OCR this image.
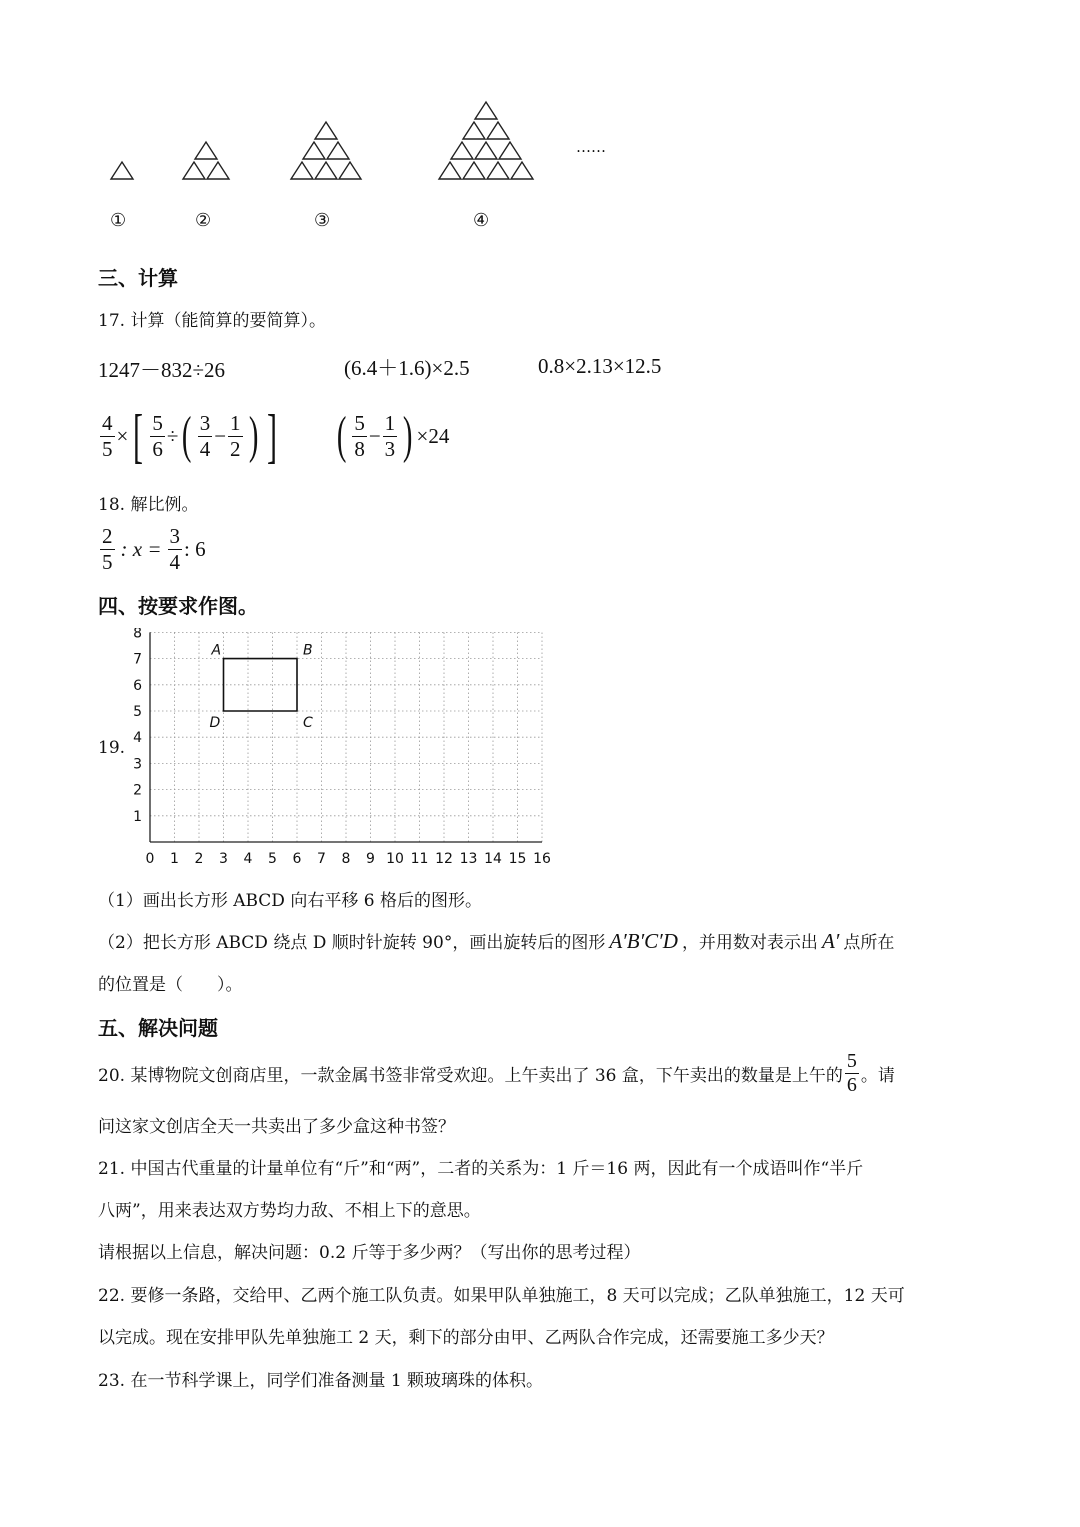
①	②	③	④
……
三、计算
17. 计算（能简算的要简算）。
1247－832÷26	(6.4＋1.6)×2.5	0.8×2.13×12.5
$\frac{4}{5}$ × [ $\frac{5}{6}$ ÷ ( $\frac{3}{4} - \frac{1}{2}$ ) ] ( $\frac{5}{8} - \frac{1}{3}$ ) ×24
18. 解比例。
$\frac{2}{5}$ : $x = \frac{3}{4}$ : 6
四、按要求作图。
19.
0 1 2 3 4 5 6 7 8 9 10 11 12 13 14 15 16
1
2
3
4
5
6
7
8
A	B
C
D
（1）画出长方形 ABCD 向右平移 6 格后的图形。
（2）把长方形 ABCD 绕点 D 顺时针旋转 90°，画出旋转后的图形 A′B′C′D ，并用数对表示出 A′ 点所在
的位置是（　　）。
五、解决问题
20. 某博物院文创商店里，一款金属书签非常受欢迎。上午卖出了 36 盒，下午卖出的数量是上午的 $\frac{5}{6}$ 。请
问这家文创店全天一共卖出了多少盒这种书签？
21. 中国古代重量的计量单位有“斤”和“两”，二者的关系为：1 斤＝16 两，因此有一个成语叫作“半斤
八两”，用来表达双方势均力敌、不相上下的意思。
请根据以上信息，解决问题：0.2 斤等于多少两？（写出你的思考过程）
22. 要修一条路，交给甲、乙两个施工队负责。如果甲队单独施工，8 天可以完成；乙队单独施工，12 天可
以完成。现在安排甲队先单独施工 2 天，剩下的部分由甲、乙两队合作完成，还需要施工多少天？
23. 在一节科学课上，同学们准备测量 1 颗玻璃珠的体积。
